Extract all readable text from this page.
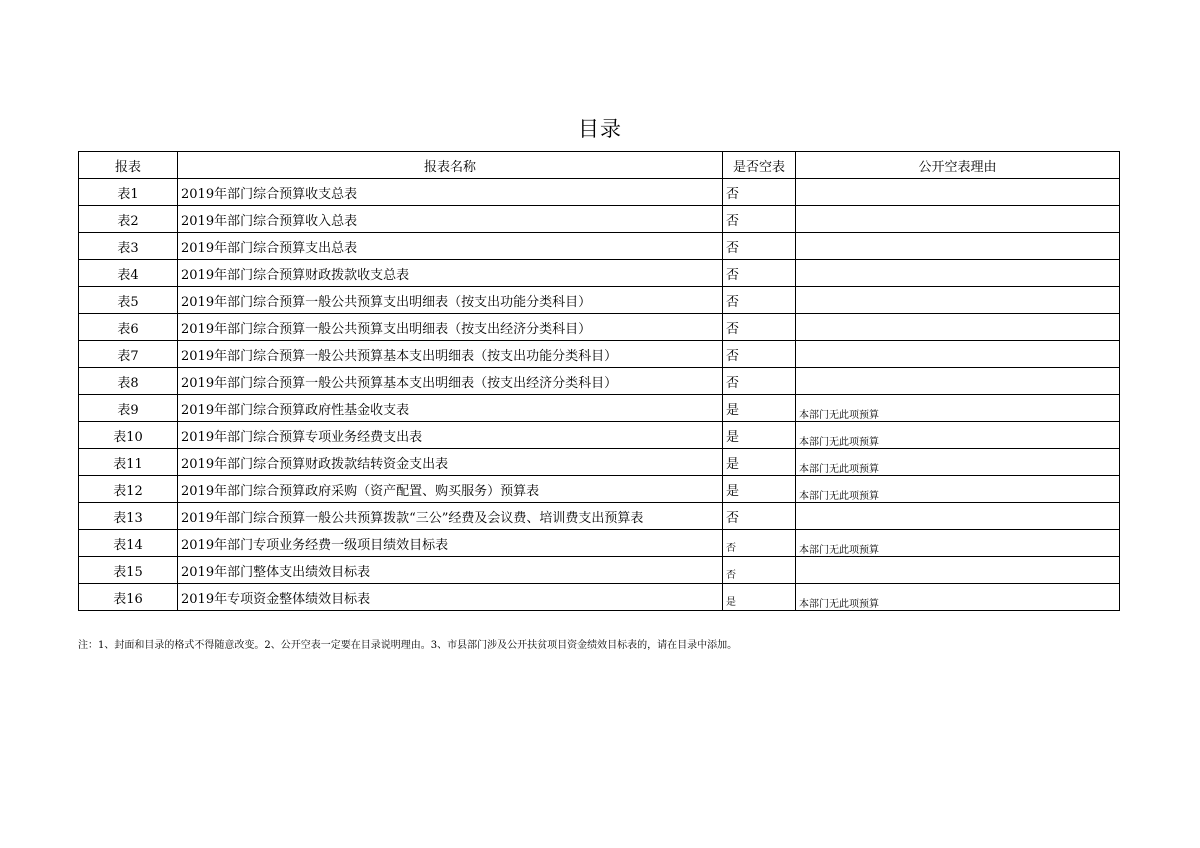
目录
报表	报表名称	是否空表	公开空表理由
表1	2019年部门综合预算收支总表	否	
表2	2019年部门综合预算收入总表	否	
表3	2019年部门综合预算支出总表	否	
表4	2019年部门综合预算财政拨款收支总表	否	
表5	2019年部门综合预算一般公共预算支出明细表（按支出功能分类科目）	否	
表6	2019年部门综合预算一般公共预算支出明细表（按支出经济分类科目）	否	
表7	2019年部门综合预算一般公共预算基本支出明细表（按支出功能分类科目）	否	
表8	2019年部门综合预算一般公共预算基本支出明细表（按支出经济分类科目）	否	
表9	2019年部门综合预算政府性基金收支表	是	本部门无此项预算
表10	2019年部门综合预算专项业务经费支出表	是	本部门无此项预算
表11	2019年部门综合预算财政拨款结转资金支出表	是	本部门无此项预算
表12	2019年部门综合预算政府采购（资产配置、购买服务）预算表	是	本部门无此项预算
表13	2019年部门综合预算一般公共预算拨款“三公”经费及会议费、培训费支出预算表	否	
表14	2019年部门专项业务经费一级项目绩效目标表	否	本部门无此项预算
表15	2019年部门整体支出绩效目标表	否	
表16	2019年专项资金整体绩效目标表	是	本部门无此项预算
注：1、封面和目录的格式不得随意改变。2、公开空表一定要在目录说明理由。3、市县部门涉及公开扶贫项目资金绩效目标表的，请在目录中添加。
